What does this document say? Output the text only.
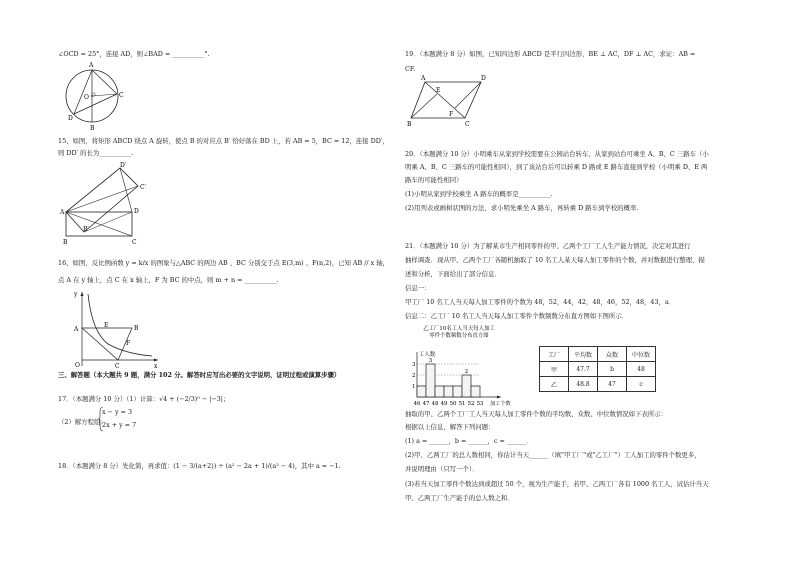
∠OCD = 25°，连接 AD，则∠BAD = __________°.
A
O	C
D
B
15、如图，将矩形 ABCD 绕点 A 旋转，使点 B 的对应点 B′ 恰好落在 BD 上，若 AB = 5，BC = 12，连接 DD′，
则 DD′ 的长为__________.
D′
C′
A	D
B′
B	C
16、如图，反比例函数 y = k/x 的图象与△ABC 的两边 AB 、BC 分别交于点 E(3,m) 、F(n,2)，已知 AB // x 轴，
点 A 在 y 轴上，点 C 在 x 轴上，F 为 BC 的中点，则 m + n = __________.
y
x
O
A	B
C
E
F
三、解答题（本大题共 9 题，满分 102 分。解答时应写出必要的文字说明、证明过程或演算步骤）
17．（本题满分 10 分）（1）计算：√4 + (−2/3)⁰ − |−3|；
（2）解方程组：
x − y = 3
2x + y = 7
18．（本题满分 8 分）先化简，再求值：(1 − 3/(a+2)) ÷ (a² − 2a + 1)/(a² − 4)，其中 a = −1.
19．（本题满分 8 分）如图，已知四边形 ABCD 是平行四边形，BE ⊥ AC，DF ⊥ AC，求证：AB =
CF.
A	D
B	C
E
F
20．（本题满分 10 分）小明乘车从家到学校需要在公园站台转车，从家到站台可乘坐 A、B、C 三路车（小
明乘 A、B、C 三路车的可能性相同），到了该站台后可以转乘 D 路或 E 路车直接到学校（小明乘 D、E 两
路车的可能性相同）
(1)小明从家到学校乘坐 A 路车的概率是__________.
(2)用列表或画树状图的方法，求小明先乘坐 A 路车，再转乘 D 路车到学校的概率.
21．（本题满分 10 分）为了解某市生产相同零件的甲、乙两个工厂工人生产能力情况，决定对其进行
抽样调查．现从甲、乙两个工厂各随机抽取了 10 名工人某天每人加工零件的个数，并对数据进行整理、描
述和分析，下面给出了部分信息．
信息一：
甲工厂 10 名工人当天每人加工零件的个数为 48，52，44，42，48，46，52，48，43，a．
信息二：乙工厂 10 名工人当天每人加工零件个数频数分布直方图如下图所示．
乙工厂10名工人当天每人加工
零件个数频数分布直方图
工人数
加工个数
1
2
3
3
2
46 47 48 49 50 51 52 53
工厂	平均数	众数	中位数
甲	47.7	b	48
乙	48.8	47	c
抽取的甲、乙两个工厂工人当天每人加工零件个数的平均数、众数、中位数情况如下表所示：
根据以上信息，解答下列问题：
(1) a = ______，b = ______，c = ______．
(2)甲、乙两工厂的总人数相同，你估计当天______（填"甲工厂"或"乙工厂"）工人加工的零件个数更多，
并说明理由（只写一个）．
(3)若当天加工零件个数达到或超过 50 个，视为生产能手，若甲、乙两工厂各有 1000 名工人，试估计当天
甲、乙两工厂生产能手的总人数之和．
